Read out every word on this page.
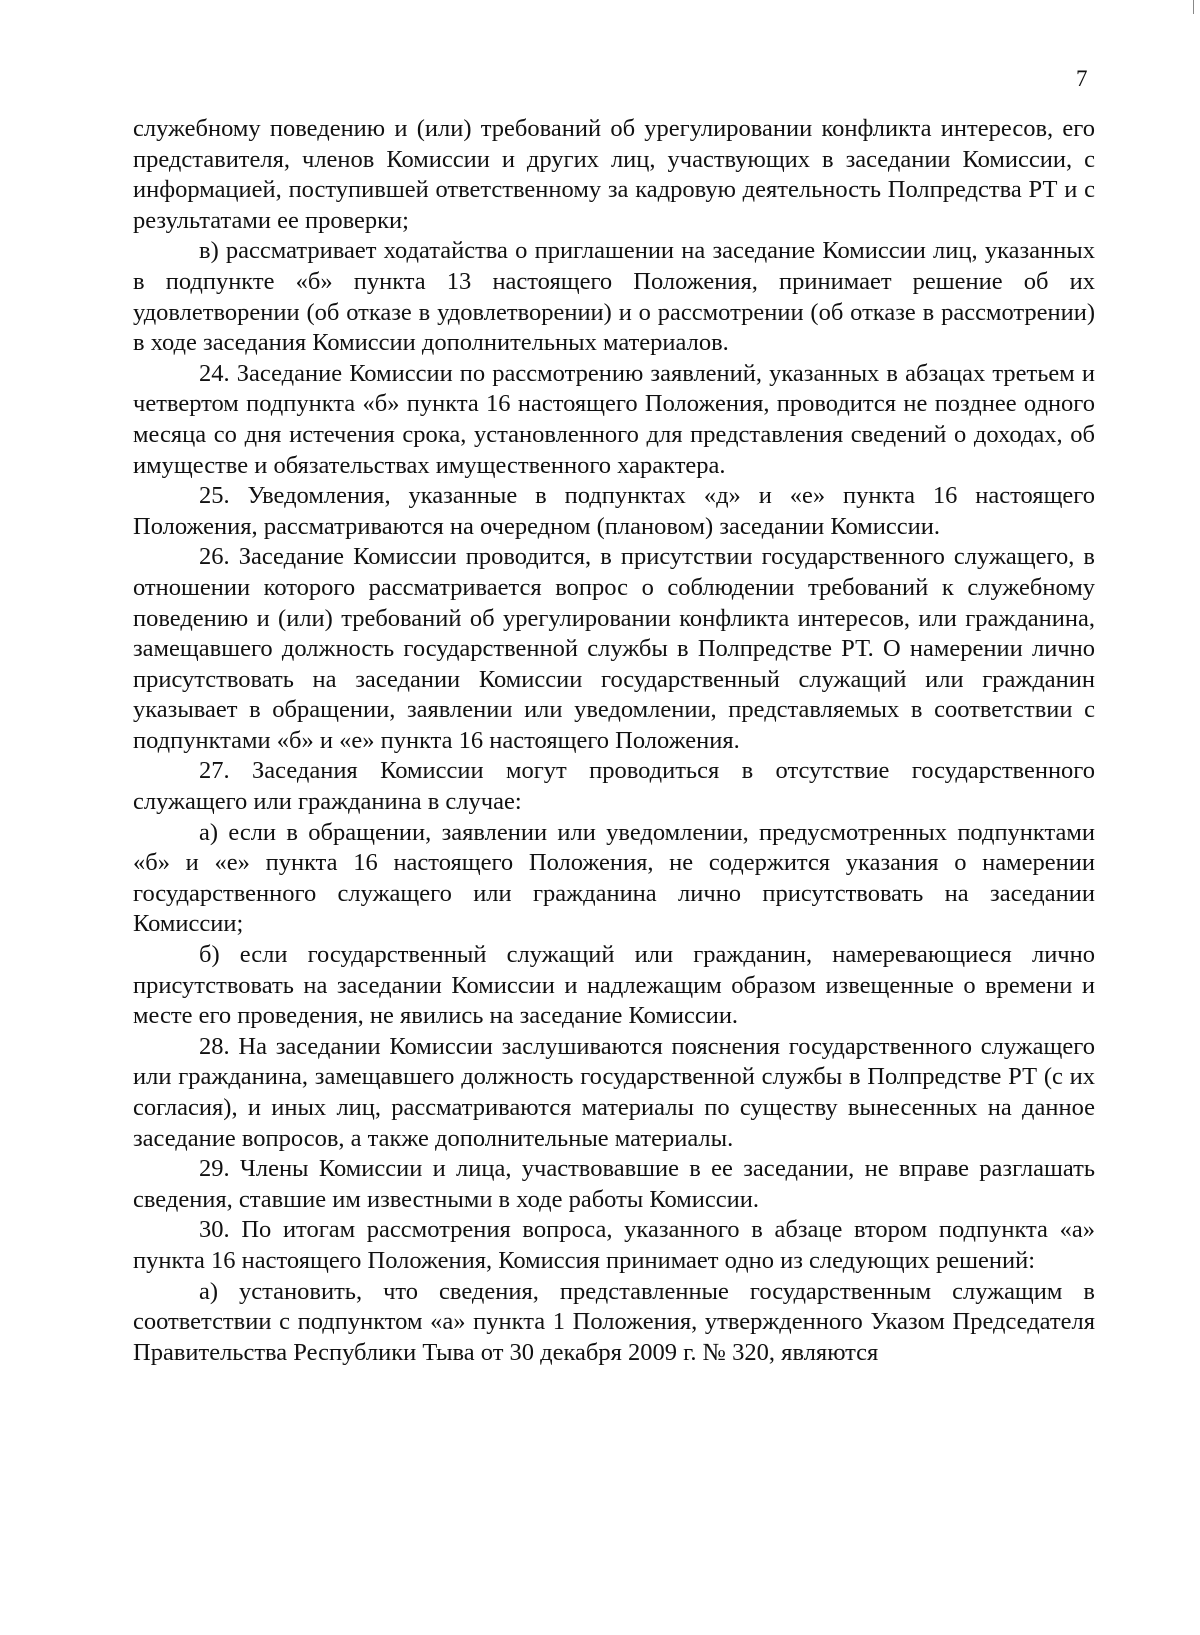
7

служебному поведению и (или) требований об урегулировании конфликта интересов, его представителя, членов Комиссии и других лиц, участвующих в заседании Комиссии, с информацией, поступившей ответственному за кадровую деятельность Полпредства РТ и с результатами ее проверки;

в) рассматривает ходатайства о приглашении на заседание Комиссии лиц, указанных в подпункте «б» пункта 13 настоящего Положения, принимает решение об их удовлетворении (об отказе в удовлетворении) и о рассмотрении (об отказе в рассмотрении) в ходе заседания Комиссии дополнительных материалов.

24. Заседание Комиссии по рассмотрению заявлений, указанных в абзацах третьем и четвертом подпункта «б» пункта 16 настоящего Положения, проводится не позднее одного месяца со дня истечения срока, установленного для представления сведений о доходах, об имуществе и обязательствах имущественного характера.

25. Уведомления, указанные в подпунктах «д» и «е» пункта 16 настоящего Положения, рассматриваются на очередном (плановом) заседании Комиссии.

26. Заседание Комиссии проводится, в присутствии государственного служащего, в отношении которого рассматривается вопрос о соблюдении требований к служебному поведению и (или) требований об урегулировании конфликта интересов, или гражданина, замещавшего должность государственной службы в Полпредстве РТ. О намерении лично присутствовать на заседании Комиссии государственный служащий или гражданин указывает в обращении, заявлении или уведомлении, представляемых в соответствии с подпунктами «б» и «е» пункта 16 настоящего Положения.

27. Заседания Комиссии могут проводиться в отсутствие государственного служащего или гражданина в случае:

а) если в обращении, заявлении или уведомлении, предусмотренных подпунктами «б» и «е» пункта 16 настоящего Положения, не содержится указания о намерении государственного служащего или гражданина лично присутствовать на заседании Комиссии;

б) если государственный служащий или гражданин, намеревающиеся лично присутствовать на заседании Комиссии и надлежащим образом извещенные о времени и месте его проведения, не явились на заседание Комиссии.

28. На заседании Комиссии заслушиваются пояснения государственного служащего или гражданина, замещавшего должность государственной службы в Полпредстве РТ (с их согласия), и иных лиц, рассматриваются материалы по существу вынесенных на данное заседание вопросов, а также дополнительные материалы.

29. Члены Комиссии и лица, участвовавшие в ее заседании, не вправе разглашать сведения, ставшие им известными в ходе работы Комиссии.

30. По итогам рассмотрения вопроса, указанного в абзаце втором подпункта «а» пункта 16 настоящего Положения, Комиссия принимает одно из следующих решений:

а) установить, что сведения, представленные государственным служащим в соответствии с подпунктом «а» пункта 1 Положения, утвержденного Указом Председателя Правительства Республики Тыва от 30 декабря 2009 г. № 320, являются
